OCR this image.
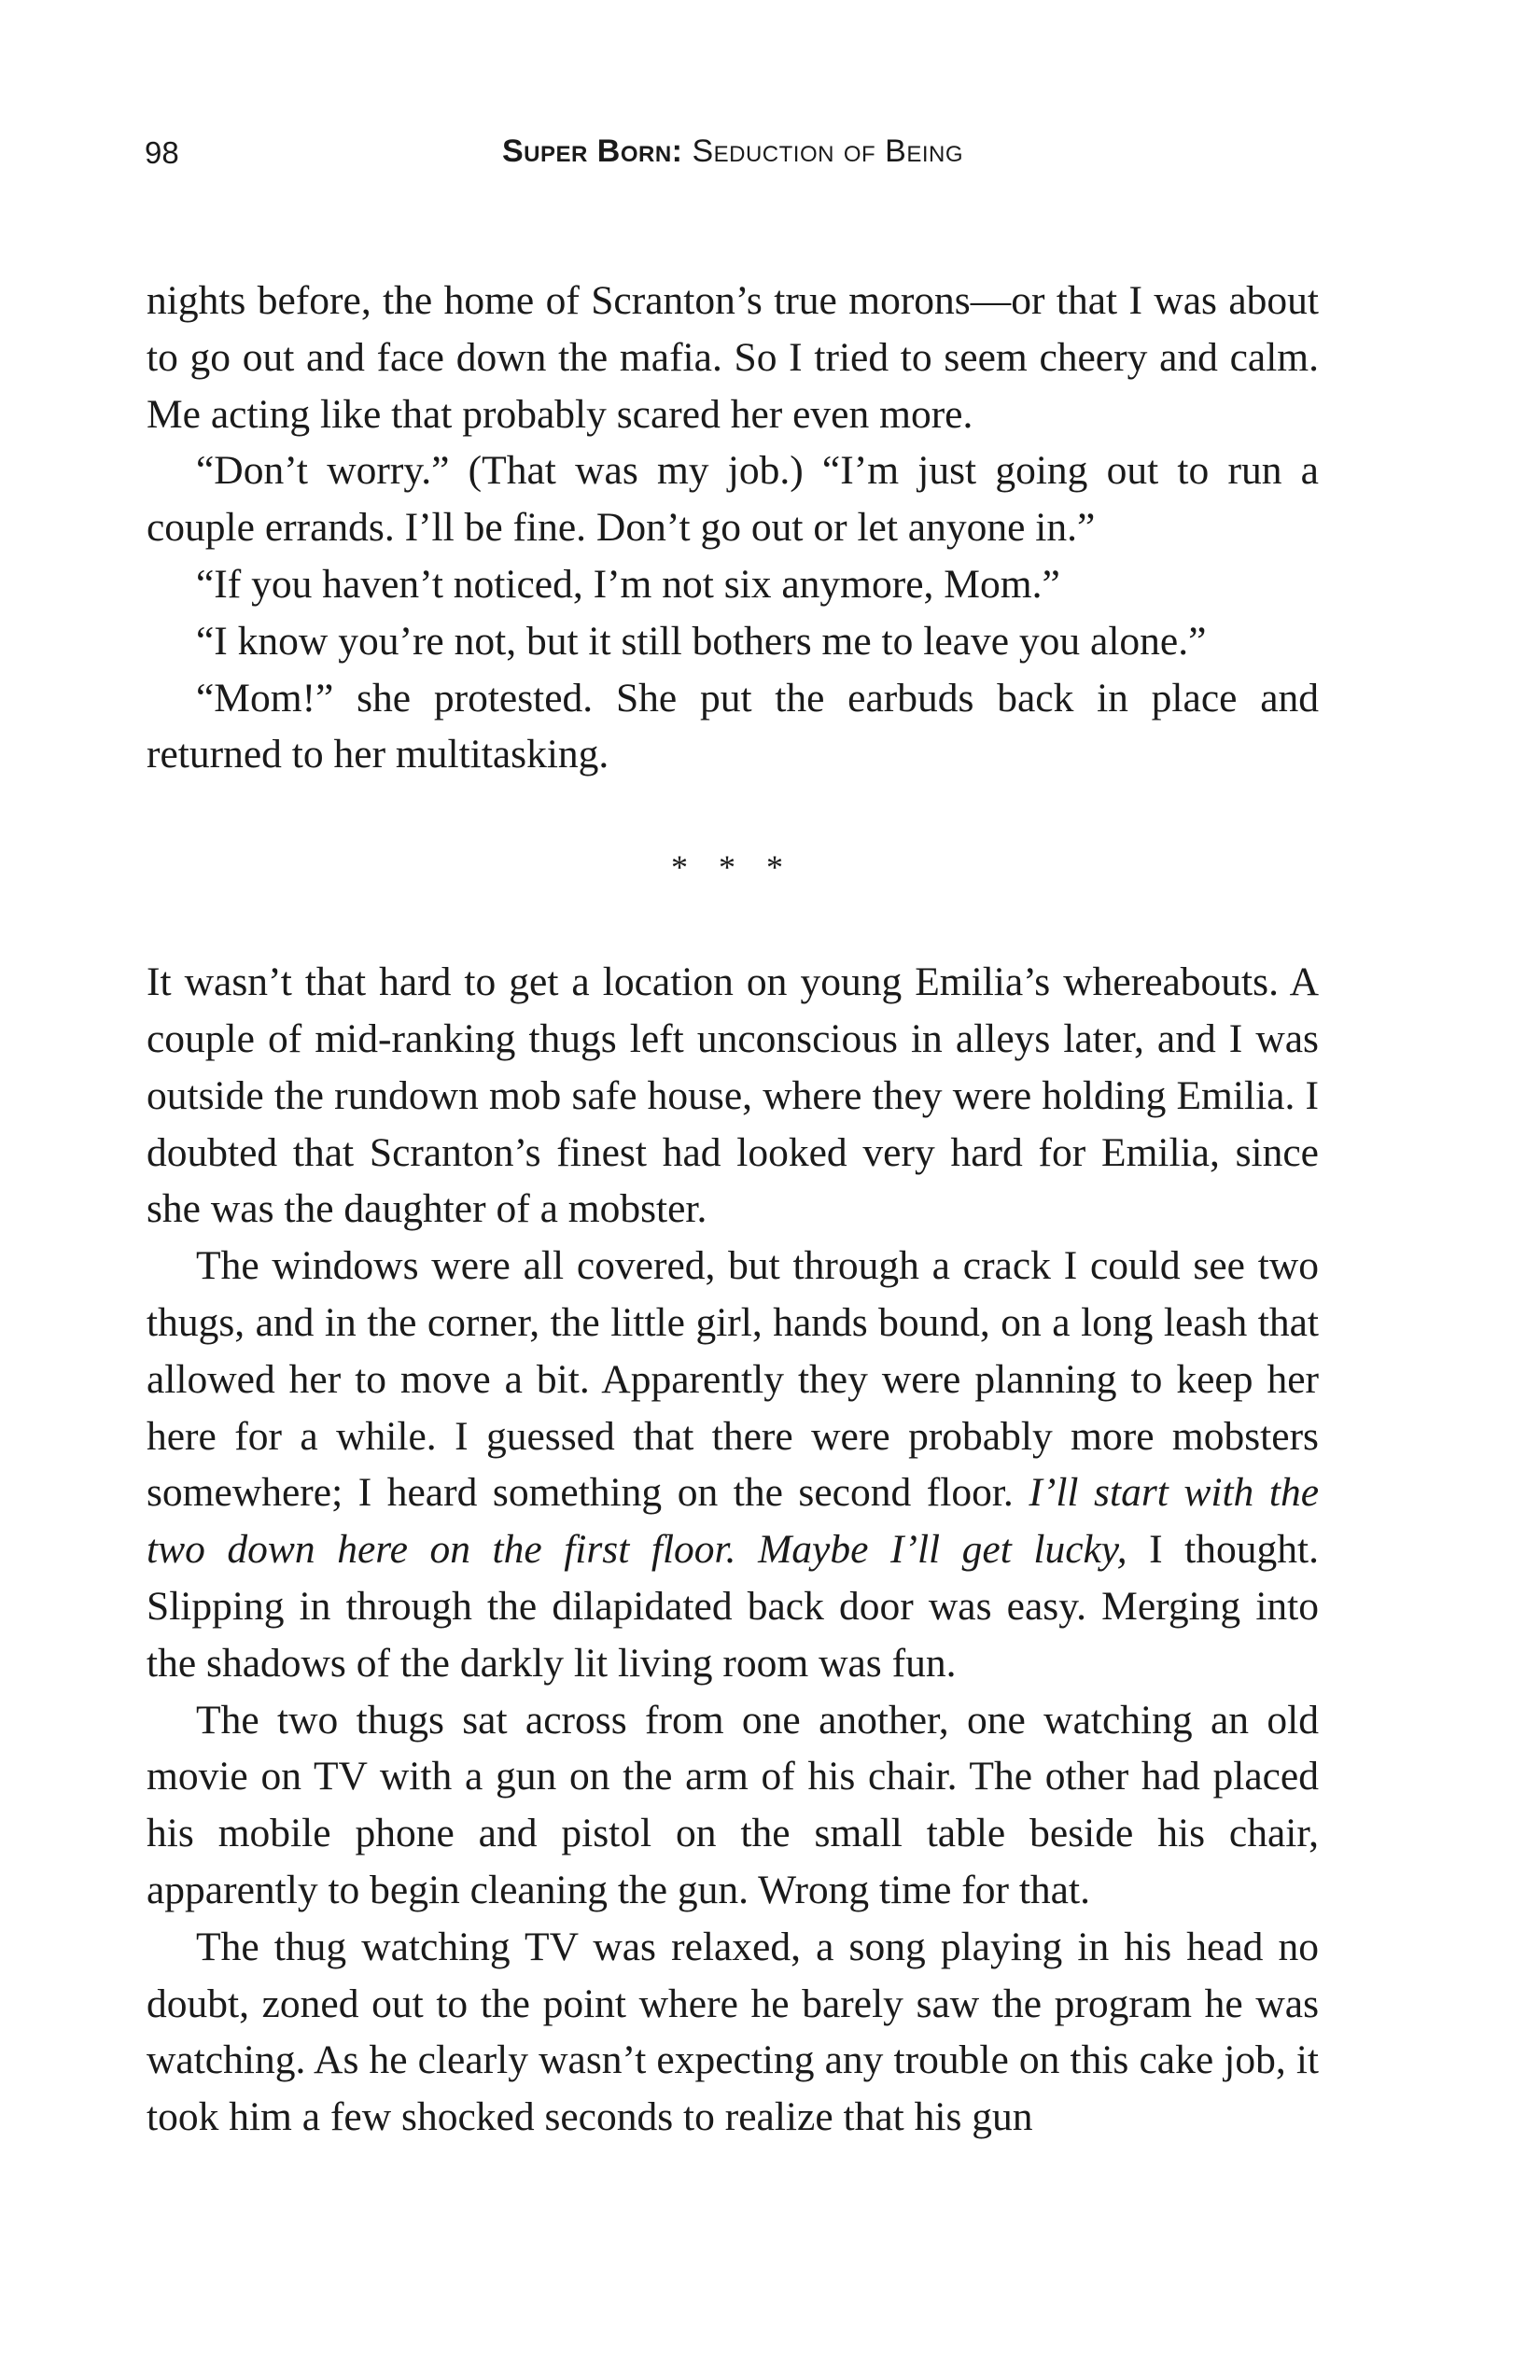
98	Super Born: Seduction of Being

nights before, the home of Scranton’s true morons—or that I was about to go out and face down the mafia. So I tried to seem cheery and calm. Me acting like that probably scared her even more.

“Don’t worry.” (That was my job.) “I’m just going out to run a couple errands. I’ll be fine. Don’t go out or let anyone in.”

“If you haven’t noticed, I’m not six anymore, Mom.”

“I know you’re not, but it still bothers me to leave you alone.”

“Mom!” she protested. She put the earbuds back in place and returned to her multitasking.

* * *

It wasn’t that hard to get a location on young Emilia’s whereabouts. A couple of mid-ranking thugs left unconscious in alleys later, and I was outside the rundown mob safe house, where they were holding Emilia. I doubted that Scranton’s finest had looked very hard for Emilia, since she was the daughter of a mobster.

The windows were all covered, but through a crack I could see two thugs, and in the corner, the little girl, hands bound, on a long leash that allowed her to move a bit. Apparently they were planning to keep her here for a while. I guessed that there were probably more mobsters somewhere; I heard something on the second floor. I’ll start with the two down here on the first floor. Maybe I’ll get lucky, I thought. Slipping in through the dilapidated back door was easy. Merging into the shadows of the darkly lit living room was fun.

The two thugs sat across from one another, one watching an old movie on TV with a gun on the arm of his chair. The other had placed his mobile phone and pistol on the small table beside his chair, apparently to begin cleaning the gun. Wrong time for that.

The thug watching TV was relaxed, a song playing in his head no doubt, zoned out to the point where he barely saw the program he was watching. As he clearly wasn’t expecting any trouble on this cake job, it took him a few shocked seconds to realize that his gun
